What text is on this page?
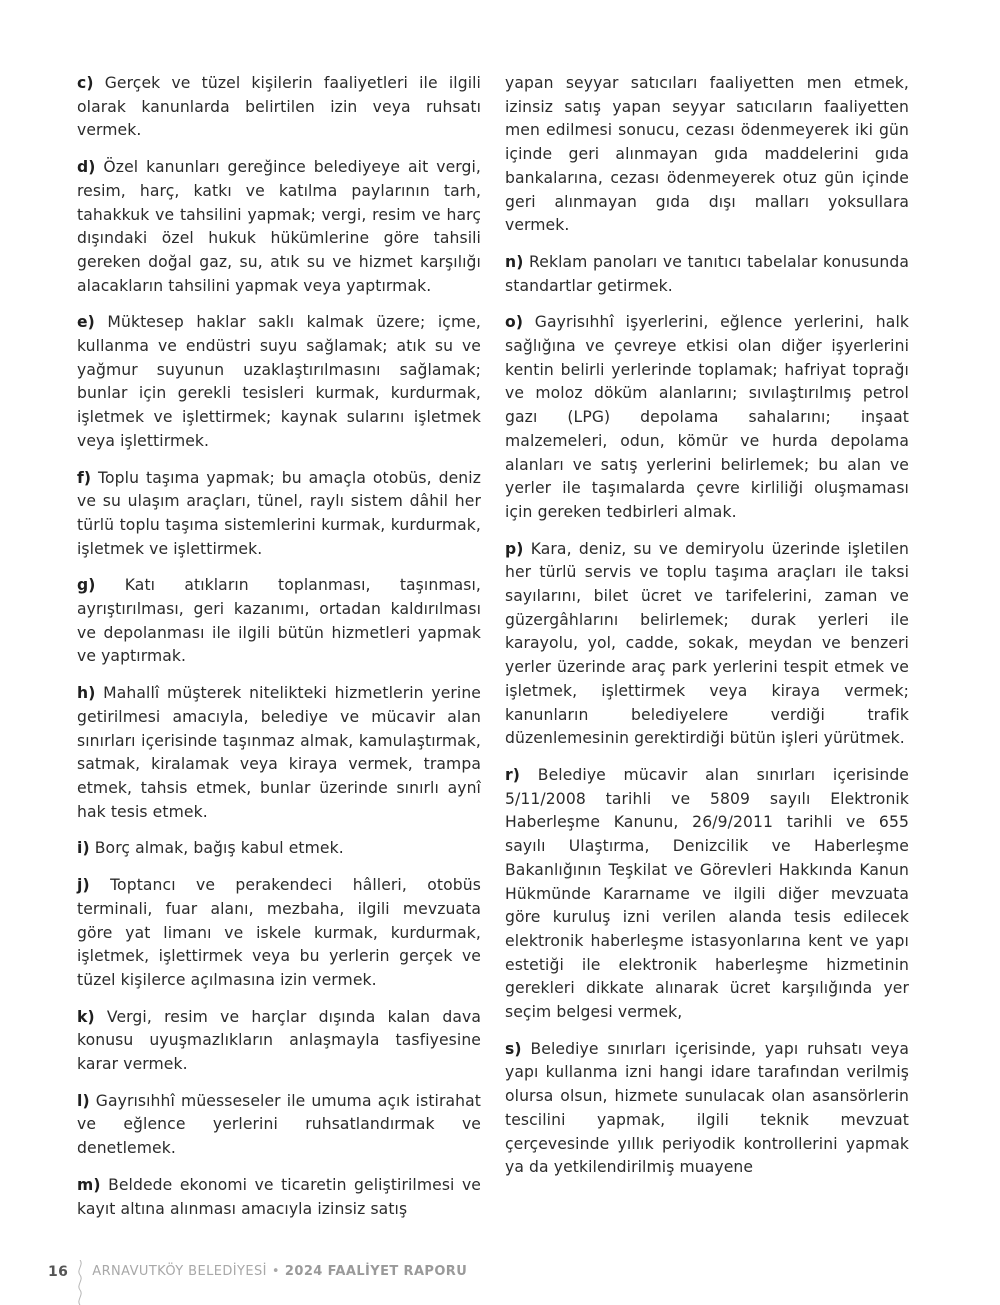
c) Gerçek ve tüzel kişilerin faaliyetleri ile ilgili olarak kanunlarda belirtilen izin veya ruhsatı vermek.

d) Özel kanunları gereğince belediyeye ait vergi, resim, harç, katkı ve katılma paylarının tarh, tahakkuk ve tahsilini yapmak; vergi, resim ve harç dışındaki özel hukuk hükümlerine göre tahsili gereken doğal gaz, su, atık su ve hizmet karşılığı alacakların tahsilini yapmak veya yaptırmak.

e) Müktesep haklar saklı kalmak üzere; içme, kullanma ve endüstri suyu sağlamak; atık su ve yağmur suyunun uzaklaştırılmasını sağlamak; bunlar için gerekli tesisleri kurmak, kurdurmak, işletmek ve işlettirmek; kaynak sularını işletmek veya işlettirmek.

f) Toplu taşıma yapmak; bu amaçla otobüs, deniz ve su ulaşım araçları, tünel, raylı sistem dâhil her türlü toplu taşıma sistemlerini kurmak, kurdurmak, işletmek ve işlettirmek.

g) Katı atıkların toplanması, taşınması, ayrıştırılması, geri kazanımı, ortadan kaldırılması ve depolanması ile ilgili bütün hizmetleri yapmak ve yaptırmak.

h) Mahallî müşterek nitelikteki hizmetlerin yerine getirilmesi amacıyla, belediye ve mücavir alan sınırları içerisinde taşınmaz almak, kamulaştırmak, satmak, kiralamak veya kiraya vermek, trampa etmek, tahsis etmek, bunlar üzerinde sınırlı aynî hak tesis etmek.

i) Borç almak, bağış kabul etmek.

j) Toptancı ve perakendeci hâlleri, otobüs terminali, fuar alanı, mezbaha, ilgili mevzuata göre yat limanı ve iskele kurmak, kurdurmak, işletmek, işlettirmek veya bu yerlerin gerçek ve tüzel kişilerce açılmasına izin vermek.

k) Vergi, resim ve harçlar dışında kalan dava konusu uyuşmazlıkların anlaşmayla tasfiyesine karar vermek.

l) Gayrısıhhî müesseseler ile umuma açık istirahat ve eğlence yerlerini ruhsatlandırmak ve denetlemek.

m) Beldede ekonomi ve ticaretin geliştirilmesi ve kayıt altına alınması amacıyla izinsiz satış

yapan seyyar satıcıları faaliyetten men etmek, izinsiz satış yapan seyyar satıcıların faaliyetten men edilmesi sonucu, cezası ödenmeyerek iki gün içinde geri alınmayan gıda maddelerini gıda bankalarına, cezası ödenmeyerek otuz gün içinde geri alınmayan gıda dışı malları yoksullara vermek.

n) Reklam panoları ve tanıtıcı tabelalar konusunda standartlar getirmek.

o) Gayrisıhhî işyerlerini, eğlence yerlerini, halk sağlığına ve çevreye etkisi olan diğer işyerlerini kentin belirli yerlerinde toplamak; hafriyat toprağı ve moloz döküm alanlarını; sıvılaştırılmış petrol gazı (LPG) depolama sahalarını; inşaat malzemeleri, odun, kömür ve hurda depolama alanları ve satış yerlerini belirlemek; bu alan ve yerler ile taşımalarda çevre kirliliği oluşmaması için gereken tedbirleri almak.

p) Kara, deniz, su ve demiryolu üzerinde işletilen her türlü servis ve toplu taşıma araçları ile taksi sayılarını, bilet ücret ve tarifelerini, zaman ve güzergâhlarını belirlemek; durak yerleri ile karayolu, yol, cadde, sokak, meydan ve benzeri yerler üzerinde araç park yerlerini tespit etmek ve işletmek, işlettirmek veya kiraya vermek; kanunların belediyelere verdiği trafik düzenlemesinin gerektirdiği bütün işleri yürütmek.

r) Belediye mücavir alan sınırları içerisinde 5/11/2008 tarihli ve 5809 sayılı Elektronik Haberleşme Kanunu, 26/9/2011 tarihli ve 655 sayılı Ulaştırma, Denizcilik ve Haberleşme Bakanlığının Teşkilat ve Görevleri Hakkında Kanun Hükmünde Kararname ve ilgili diğer mevzuata göre kuruluş izni verilen alanda tesis edilecek elektronik haberleşme istasyonlarına kent ve yapı estetiği ile elektronik haberleşme hizmetinin gerekleri dikkate alınarak ücret karşılığında yer seçim belgesi vermek,

s) Belediye sınırları içerisinde, yapı ruhsatı veya yapı kullanma izni hangi idare tarafından verilmiş olursa olsun, hizmete sunulacak olan asansörlerin tescilini yapmak, ilgili teknik mevzuat çerçevesinde yıllık periyodik kontrollerini yapmak ya da yetkilendirilmiş muayene

16 ARNAVUTKÖY BELEDİYESİ • 2024 FAALİYET RAPORU
